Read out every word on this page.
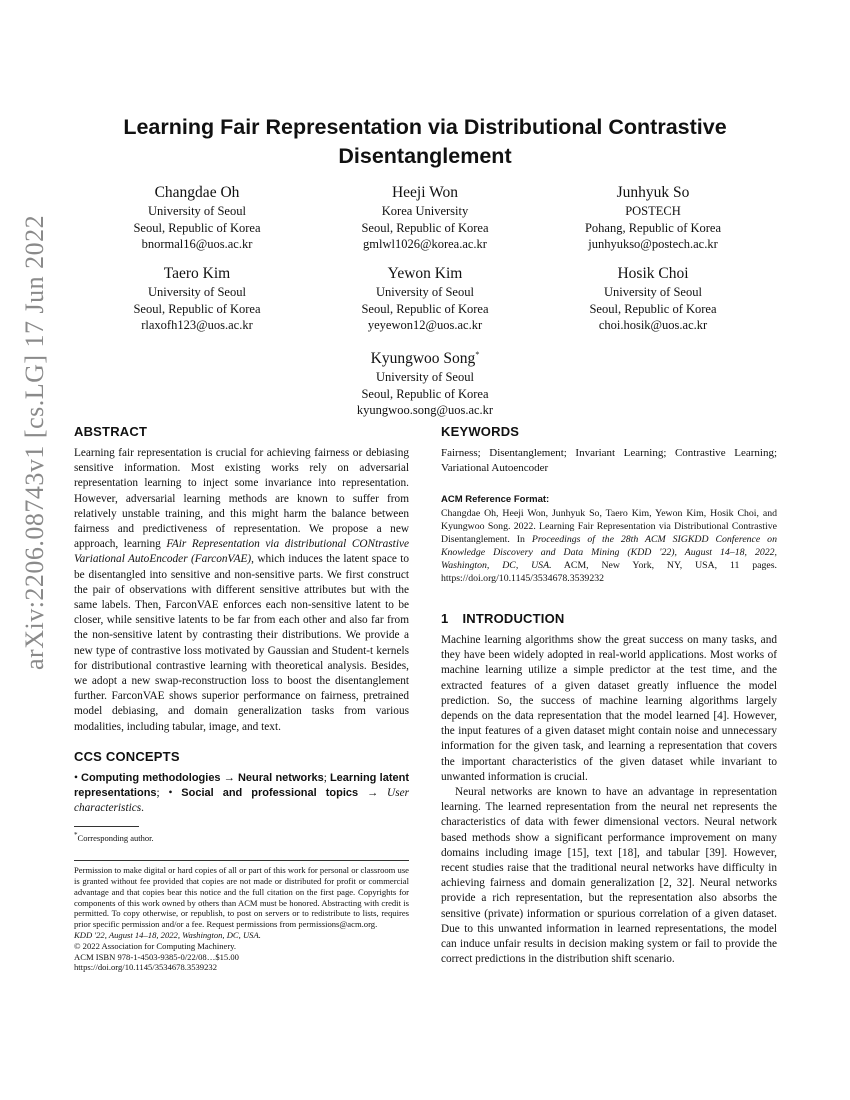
arXiv:2206.08743v1 [cs.LG] 17 Jun 2022
Learning Fair Representation via Distributional Contrastive Disentanglement
Changdae Oh
University of Seoul
Seoul, Republic of Korea
bnormal16@uos.ac.kr
Heeji Won
Korea University
Seoul, Republic of Korea
gmlwl1026@korea.ac.kr
Junhyuk So
POSTECH
Pohang, Republic of Korea
junhyukso@postech.ac.kr
Taero Kim
University of Seoul
Seoul, Republic of Korea
rlaxofh123@uos.ac.kr
Yewon Kim
University of Seoul
Seoul, Republic of Korea
yeyewon12@uos.ac.kr
Hosik Choi
University of Seoul
Seoul, Republic of Korea
choi.hosik@uos.ac.kr
Kyungwoo Song*
University of Seoul
Seoul, Republic of Korea
kyungwoo.song@uos.ac.kr
ABSTRACT

Learning fair representation is crucial for achieving fairness or debiasing sensitive information. Most existing works rely on adversarial representation learning to inject some invariance into representation. However, adversarial learning methods are known to suffer from relatively unstable training, and this might harm the balance between fairness and predictiveness of representation. We propose a new approach, learning FAir Representation via distributional CONtrastive Variational AutoEncoder (FarconVAE), which induces the latent space to be disentangled into sensitive and non-sensitive parts. We first construct the pair of observations with different sensitive attributes but with the same labels. Then, FarconVAE enforces each non-sensitive latent to be closer, while sensitive latents to be far from each other and also far from the non-sensitive latent by contrasting their distributions. We provide a new type of contrastive loss motivated by Gaussian and Student-t kernels for distributional contrastive learning with theoretical analysis. Besides, we adopt a new swap-reconstruction loss to boost the disentanglement further. FarconVAE shows superior performance on fairness, pretrained model debiasing, and domain generalization tasks from various modalities, including tabular, image, and text.

CCS CONCEPTS

• Computing methodologies → Neural networks; Learning latent representations; • Social and professional topics → User characteristics.

*Corresponding author.

Permission to make digital or hard copies of all or part of this work for personal or classroom use is granted without fee provided that copies are not made or distributed for profit or commercial advantage and that copies bear this notice and the full citation on the first page. Copyrights for components of this work owned by others than ACM must be honored. Abstracting with credit is permitted. To copy otherwise, or republish, to post on servers or to redistribute to lists, requires prior specific permission and/or a fee. Request permissions from permissions@acm.org.

KDD '22, August 14–18, 2022, Washington, DC, USA.

© 2022 Association for Computing Machinery.

ACM ISBN 978-1-4503-9385-0/22/08…$15.00

https://doi.org/10.1145/3534678.3539232

KEYWORDS

Fairness; Disentanglement; Invariant Learning; Contrastive Learning; Variational Autoencoder

ACM Reference Format:

Changdae Oh, Heeji Won, Junhyuk So, Taero Kim, Yewon Kim, Hosik Choi, and Kyungwoo Song. 2022. Learning Fair Representation via Distributional Contrastive Disentanglement. In Proceedings of the 28th ACM SIGKDD Conference on Knowledge Discovery and Data Mining (KDD '22), August 14–18, 2022, Washington, DC, USA. ACM, New York, NY, USA, 11 pages. https://doi.org/10.1145/3534678.3539232

1 INTRODUCTION

Machine learning algorithms show the great success on many tasks, and they have been widely adopted in real-world applications. Most works of machine learning utilize a simple predictor at the test time, and the extracted features of a given dataset greatly influence the model prediction. So, the success of machine learning algorithms largely depends on the data representation that the model learned [4]. However, the input features of a given dataset might contain noise and unnecessary information for the given task, and learning a representation that covers the important characteristics of the given dataset while invariant to unwanted information is crucial.

Neural networks are known to have an advantage in representation learning. The learned representation from the neural net represents the characteristics of data with fewer dimensional vectors. Neural network based methods show a significant performance improvement on many domains including image [15], text [18], and tabular [39]. However, recent studies raise that the traditional neural networks have difficulty in achieving fairness and domain generalization [2, 32]. Neural networks provide a rich representation, but the representation also absorbs the sensitive (private) information or spurious correlation of a given dataset. Due to this unwanted information in learned representations, the model can induce unfair results in decision making system or fail to provide the correct predictions in the distribution shift scenario.
